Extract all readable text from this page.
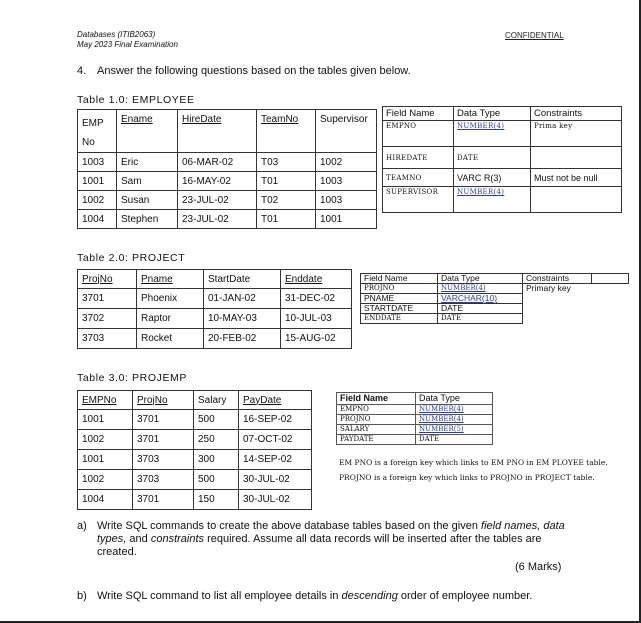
Databases (ITIB2063)
May 2023 Final Examination
CONFIDENTIAL
4. Answer the following questions based on the tables given below.
Table 1.0: EMPLOYEE
EMP No	Ename	HireDate	TeamNo	Supervisor
1003	Eric	06-MAR-02	T03	1002
1001	Sam	16-MAY-02	T01	1003
1002	Susan	23-JUL-02	T02	1003
1004	Stephen	23-JUL-02	T01	1001
Field Name	Data Type	Constraints
EMPNO	NUMBER(4)	Prima key
HIREDATE	DATE	
TEAMNO	VARC R(3)	Must not be null
SUPERVISOR	NUMBER(4)	
Table 2.0: PROJECT
ProjNo	Pname	StartDate	Enddate
3701	Phoenix	01-JAN-02	31-DEC-02
3702	Raptor	10-MAY-03	10-JUL-03
3703	Rocket	20-FEB-02	15-AUG-02
Field Name	Data Type	Constraints	
PROJNO	NUMBER(4)	Primary key	
PNAME	VARCHAR(10)		
STARTDATE	DATE		
ENDDATE	DATE		
Table 3.0: PROJEMP
EMPNo	ProjNo	Salary	PayDate
1001	3701	500	16-SEP-02
1002	3701	250	07-OCT-02
1001	3703	300	14-SEP-02
1002	3703	500	30-JUL-02
1004	3701	150	30-JUL-02
Field Name	Data Type
EMPNO	NUMBER(4)
PROJNO	NUMBER(4)
SALARY	NUMBER(5)
PAYDATE	DATE
EM PNO is a foreign key which links to EM PNO in EM PLOYEE table.
PROJNO is a foreign key which links to PROJNO in PROJECT table.
a) Write SQL commands to create the above database tables based on the given field names, data types, and constraints required. Assume all data records will be inserted after the tables are created.
(6 Marks)
b) Write SQL command to list all employee details in descending order of employee number.
